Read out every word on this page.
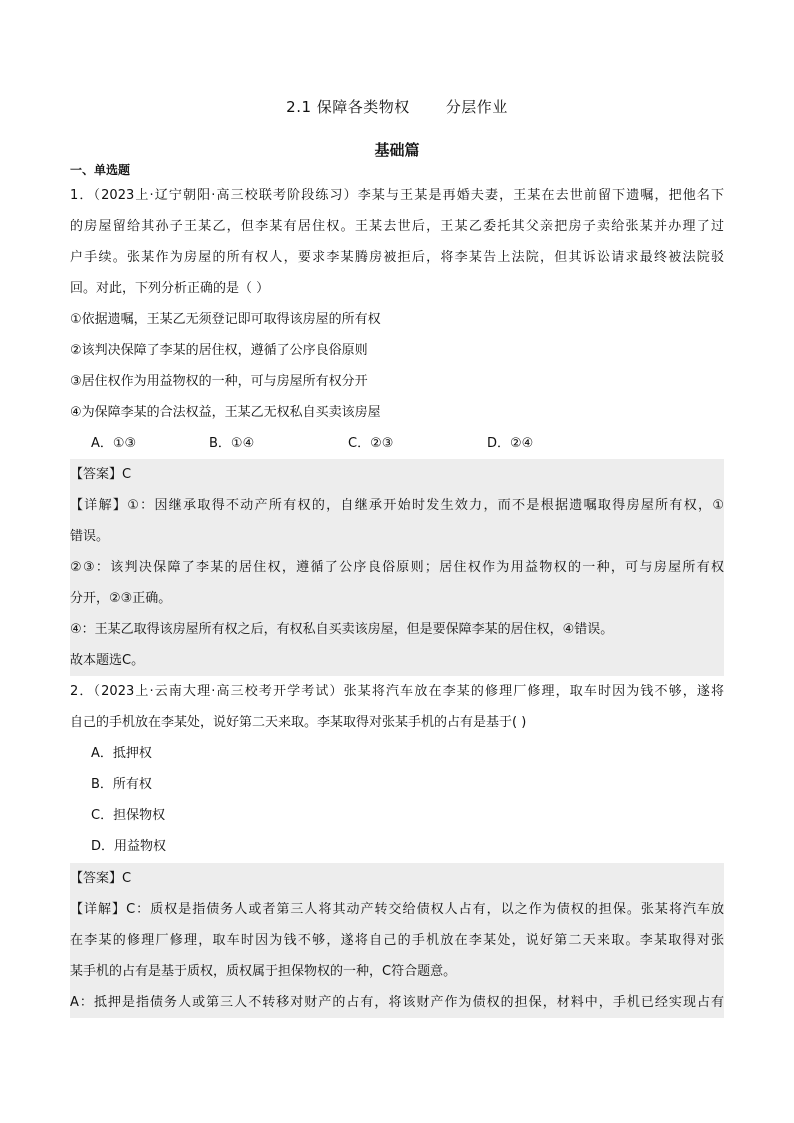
2.1 保障各类物权 分层作业
基础篇
一、单选题
1．（2023上·辽宁朝阳·高三校联考阶段练习）李某与王某是再婚夫妻，王某在去世前留下遗嘱，把他名下
的房屋留给其孙子王某乙，但李某有居住权。王某去世后，王某乙委托其父亲把房子卖给张某并办理了过
户手续。张某作为房屋的所有权人，要求李某腾房被拒后，将李某告上法院，但其诉讼请求最终被法院驳
回。对此，下列分析正确的是（ ）
①依据遗嘱，王某乙无须登记即可取得该房屋的所有权
②该判决保障了李某的居住权，遵循了公序良俗原则
③居住权作为用益物权的一种，可与房屋所有权分开
④为保障李某的合法权益，王某乙无权私自买卖该房屋
A．①③	B．①④	C．②③	D．②④
【答案】C
【详解】①：因继承取得不动产所有权的，自继承开始时发生效力，而不是根据遗嘱取得房屋所有权，①
错误。
②③：该判决保障了李某的居住权，遵循了公序良俗原则；居住权作为用益物权的一种，可与房屋所有权
分开，②③正确。
④：王某乙取得该房屋所有权之后，有权私自买卖该房屋，但是要保障李某的居住权，④错误。
故本题选C。
2．（2023上·云南大理·高三校考开学考试）张某将汽车放在李某的修理厂修理，取车时因为钱不够，遂将
自己的手机放在李某处，说好第二天来取。李某取得对张某手机的占有是基于( )
A．抵押权
B．所有权
C．担保物权
D．用益物权
【答案】C
【详解】C：质权是指债务人或者第三人将其动产转交给债权人占有，以之作为债权的担保。张某将汽车放
在李某的修理厂修理，取车时因为钱不够，遂将自己的手机放在李某处，说好第二天来取。李某取得对张
某手机的占有是基于质权，质权属于担保物权的一种，C符合题意。
A：抵押是指债务人或第三人不转移对财产的占有，将该财产作为债权的担保，材料中，手机已经实现占有
